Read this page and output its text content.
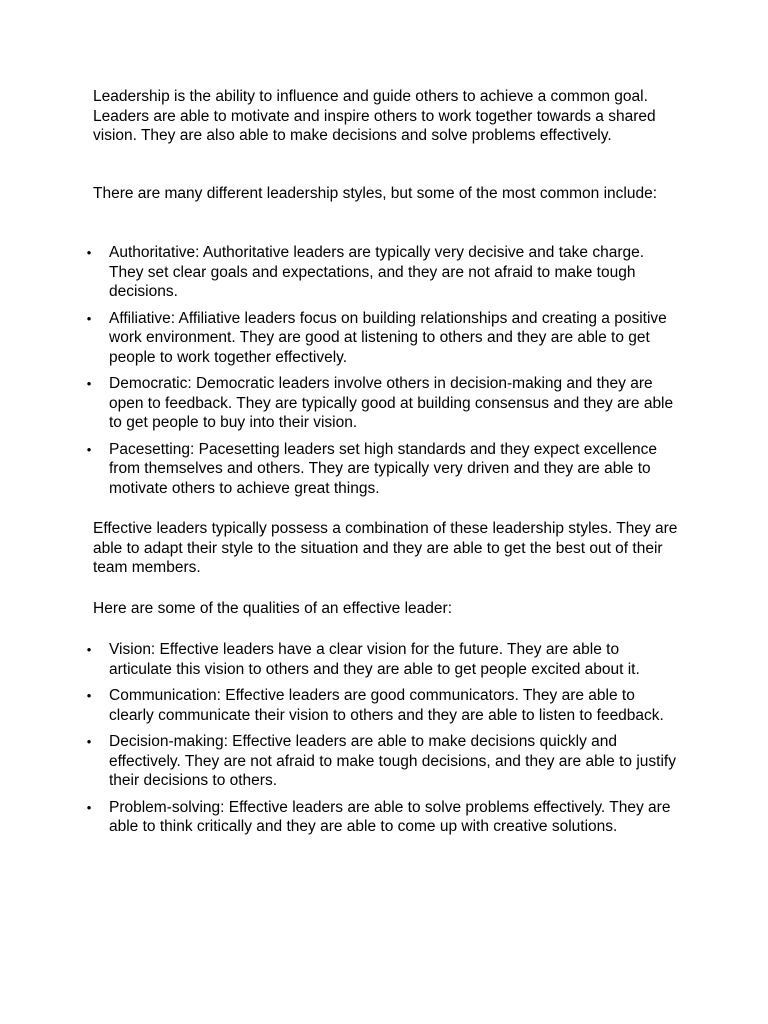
Leadership is the ability to influence and guide others to achieve a common goal. Leaders are able to motivate and inspire others to work together towards a shared vision. They are also able to make decisions and solve problems effectively.

There are many different leadership styles, but some of the most common include:

• Authoritative: Authoritative leaders are typically very decisive and take charge. They set clear goals and expectations, and they are not afraid to make tough decisions.
• Affiliative: Affiliative leaders focus on building relationships and creating a positive work environment. They are good at listening to others and they are able to get people to work together effectively.
• Democratic: Democratic leaders involve others in decision-making and they are open to feedback. They are typically good at building consensus and they are able to get people to buy into their vision.
• Pacesetting: Pacesetting leaders set high standards and they expect excellence from themselves and others. They are typically very driven and they are able to motivate others to achieve great things.

Effective leaders typically possess a combination of these leadership styles. They are able to adapt their style to the situation and they are able to get the best out of their team members.

Here are some of the qualities of an effective leader:

• Vision: Effective leaders have a clear vision for the future. They are able to articulate this vision to others and they are able to get people excited about it.
• Communication: Effective leaders are good communicators. They are able to clearly communicate their vision to others and they are able to listen to feedback.
• Decision-making: Effective leaders are able to make decisions quickly and effectively. They are not afraid to make tough decisions, and they are able to justify their decisions to others.
• Problem-solving: Effective leaders are able to solve problems effectively. They are able to think critically and they are able to come up with creative solutions.
